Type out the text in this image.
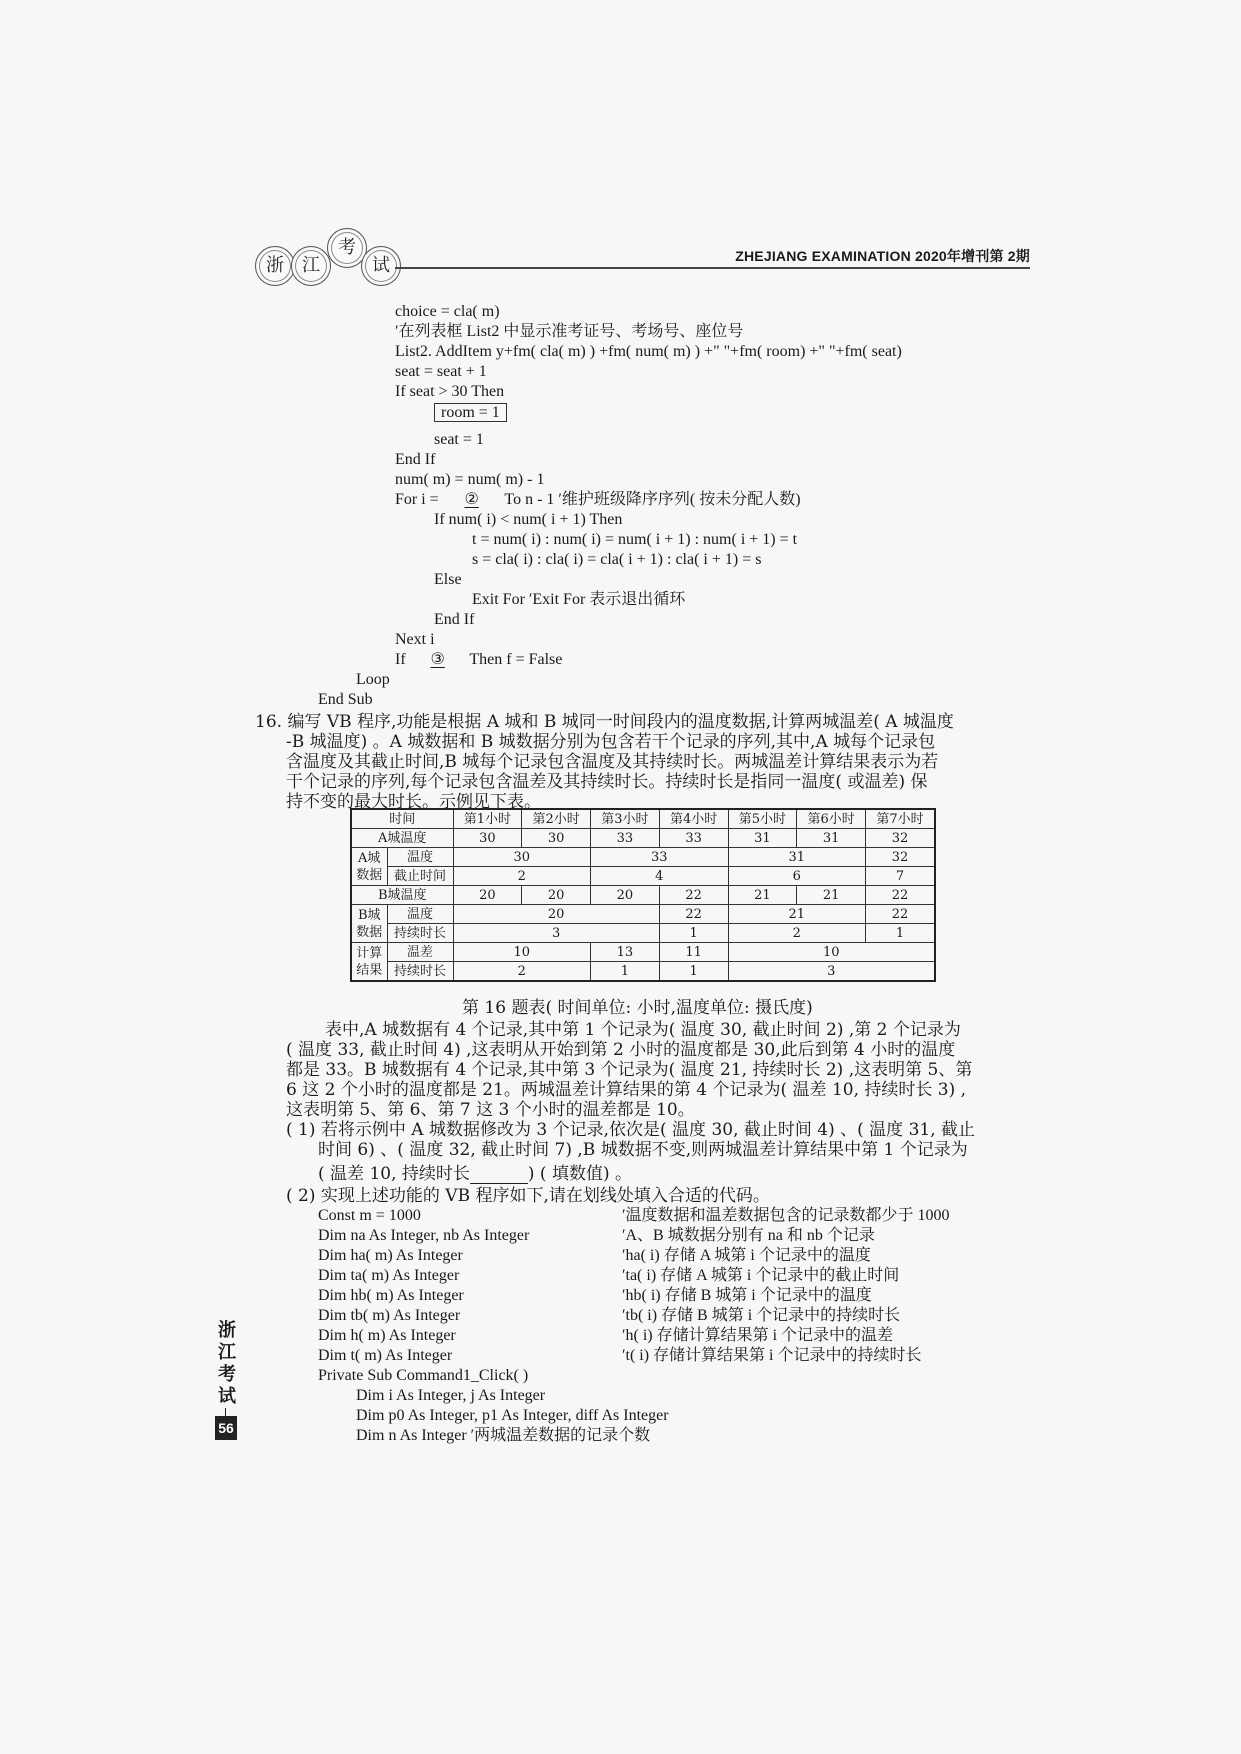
浙	江
考
试	ZHEJIANG EXAMINATION 2020年增刊第 2期
choice = cla( m)
′在列表框 List2 中显示准考证号、考场号、座位号
List2. AddItem y+fm( cla( m) ) +fm( num( m) ) +" "+fm( room) +" "+fm( seat)
seat = seat + 1
If seat > 30 Then
room = 1
seat = 1
End If
num( m) = num( m) - 1
For i = ② To n - 1 ′维护班级降序序列( 按未分配人数)
If num( i) < num( i + 1) Then
t = num( i) : num( i) = num( i + 1) : num( i + 1) = t
s = cla( i) : cla( i) = cla( i + 1) : cla( i + 1) = s
Else
Exit For ′Exit For 表示退出循环
End If
Next i
If ③ Then f = False
Loop
End Sub
16. 编写 VB 程序,功能是根据 A 城和 B 城同一时间段内的温度数据,计算两城温差( A 城温度
-B 城温度) 。A 城数据和 B 城数据分别为包含若干个记录的序列,其中,A 城每个记录包
含温度及其截止时间,B 城每个记录包含温度及其持续时长。两城温差计算结果表示为若
干个记录的序列,每个记录包含温差及其持续时长。持续时长是指同一温度( 或温差) 保
持不变的最大时长。示例见下表。
时间		第1小时	第2小时	第3小时	第4小时	第5小时	第6小时	第7小时
A城温度		30	30	33	33	31	31	32
A城
数据	温度	30		33		31		32
	截止时间	2		4		6		7
B城温度		20	20	20	22	21	21	22
B城
数据	温度	20			22	21		22
	持续时长	3			1	2		1
计算
结果	温差	10		13	11	10		
	持续时长	2		1	1	3		
第 16 题表( 时间单位: 小时,温度单位: 摄氏度)
表中,A 城数据有 4 个记录,其中第 1 个记录为( 温度 30, 截止时间 2) ,第 2 个记录为
( 温度 33, 截止时间 4) ,这表明从开始到第 2 小时的温度都是 30,此后到第 4 小时的温度
都是 33。B 城数据有 4 个记录,其中第 3 个记录为( 温度 21, 持续时长 2) ,这表明第 5、第
6 这 2 个小时的温度都是 21。两城温差计算结果的第 4 个记录为( 温差 10, 持续时长 3) ,
这表明第 5、第 6、第 7 这 3 个小时的温差都是 10。
( 1) 若将示例中 A 城数据修改为 3 个记录,依次是( 温度 30, 截止时间 4) 、( 温度 31, 截止
时间 6) 、( 温度 32, 截止时间 7) ,B 城数据不变,则两城温差计算结果中第 1 个记录为
( 温差 10, 持续时长	) ( 填数值) 。
( 2) 实现上述功能的 VB 程序如下,请在划线处填入合适的代码。
Const m = 1000	′温度数据和温差数据包含的记录数都少于 1000
Dim na As Integer, nb As Integer	′A、B 城数据分别有 na 和 nb 个记录
Dim ha( m) As Integer	′ha( i) 存储 A 城第 i 个记录中的温度
Dim ta( m) As Integer	′ta( i) 存储 A 城第 i 个记录中的截止时间
Dim hb( m) As Integer	′hb( i) 存储 B 城第 i 个记录中的温度
Dim tb( m) As Integer	′tb( i) 存储 B 城第 i 个记录中的持续时长
Dim h( m) As Integer	′h( i) 存储计算结果第 i 个记录中的温差
Dim t( m) As Integer	′t( i) 存储计算结果第 i 个记录中的持续时长
Private Sub Command1_Click( )
Dim i As Integer, j As Integer
Dim p0 As Integer, p1 As Integer, diff As Integer
Dim n As Integer ′两城温差数据的记录个数
浙
江
考
试
56
